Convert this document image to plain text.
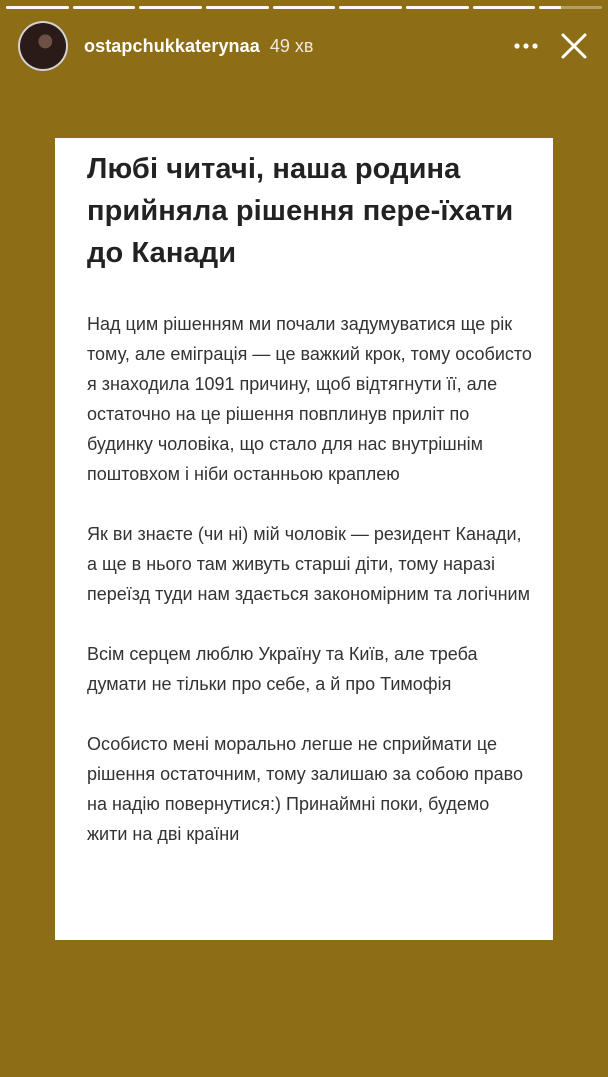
ostapchukkaterynaa 49 хв
Любі читачі, наша родина прийняла рішення пере-їхати до Канади

Над цим рішенням ми почали задумуватися ще рік тому, але еміграція — це важкий крок, тому особисто я знаходила 1091 причину, щоб відтягнути її, але остаточно на це рішення повплинув приліт по будинку чоловіка, що стало для нас внутрішнім поштовхом і ніби останньою краплею

Як ви знаєте (чи ні) мій чоловік — резидент Канади, а ще в нього там живуть старші діти, тому наразі переїзд туди нам здається закономірним та логічним

Всім серцем люблю Україну та Київ, але треба думати не тільки про себе, а й про Тимофія

Особисто мені морально легше не сприймати це рішення остаточним, тому залишаю за собою право на надію повернутися:) Принаймні поки, будемо жити на дві країни
